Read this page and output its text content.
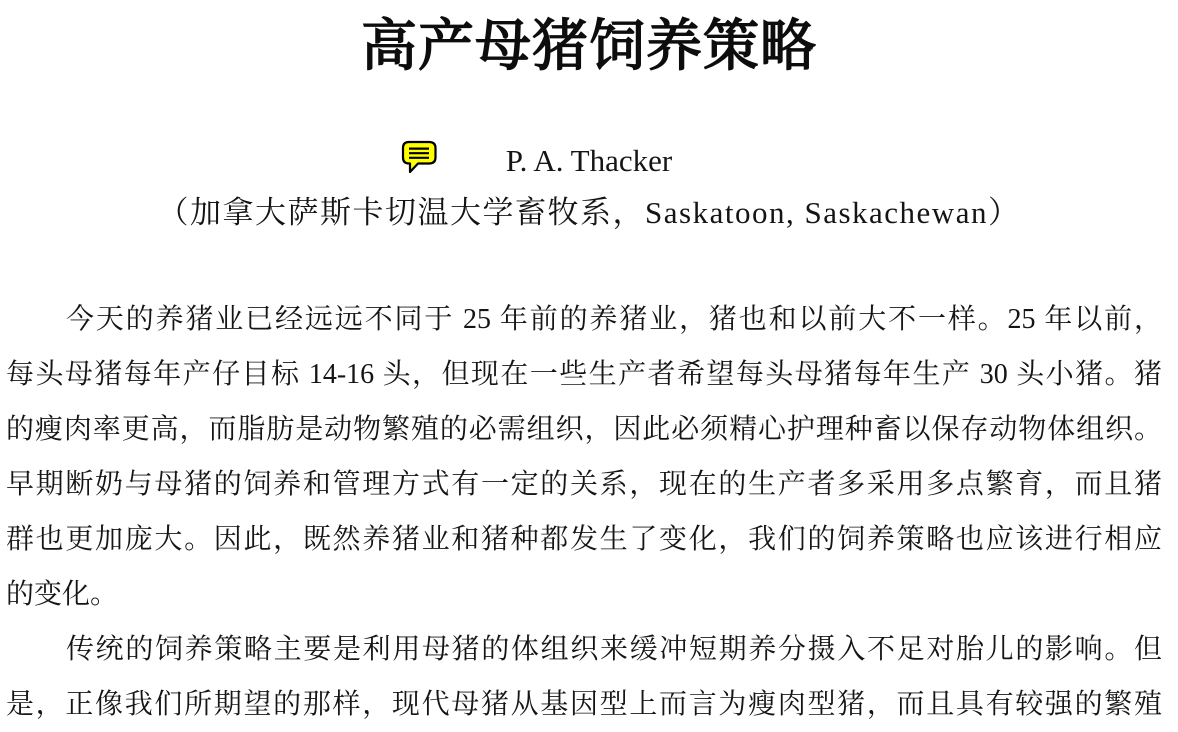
高产母猪饲养策略
P. A. Thacker
（加拿大萨斯卡切温大学畜牧系，Saskatoon, Saskachewan）

今天的养猪业已经远远不同于 25 年前的养猪业，猪也和以前大不一样。25 年以前，

每头母猪每年产仔目标 14-16 头，但现在一些生产者希望每头母猪每年生产 30 头小猪。猪

的瘦肉率更高，而脂肪是动物繁殖的必需组织，因此必须精心护理种畜以保存动物体组织。

早期断奶与母猪的饲养和管理方式有一定的关系，现在的生产者多采用多点繁育，而且猪

群也更加庞大。因此，既然养猪业和猪种都发生了变化，我们的饲养策略也应该进行相应

的变化。

传统的饲养策略主要是利用母猪的体组织来缓冲短期养分摄入不足对胎儿的影响。但

是，正像我们所期望的那样，现代母猪从基因型上而言为瘦肉型猪，而且具有较强的繁殖
